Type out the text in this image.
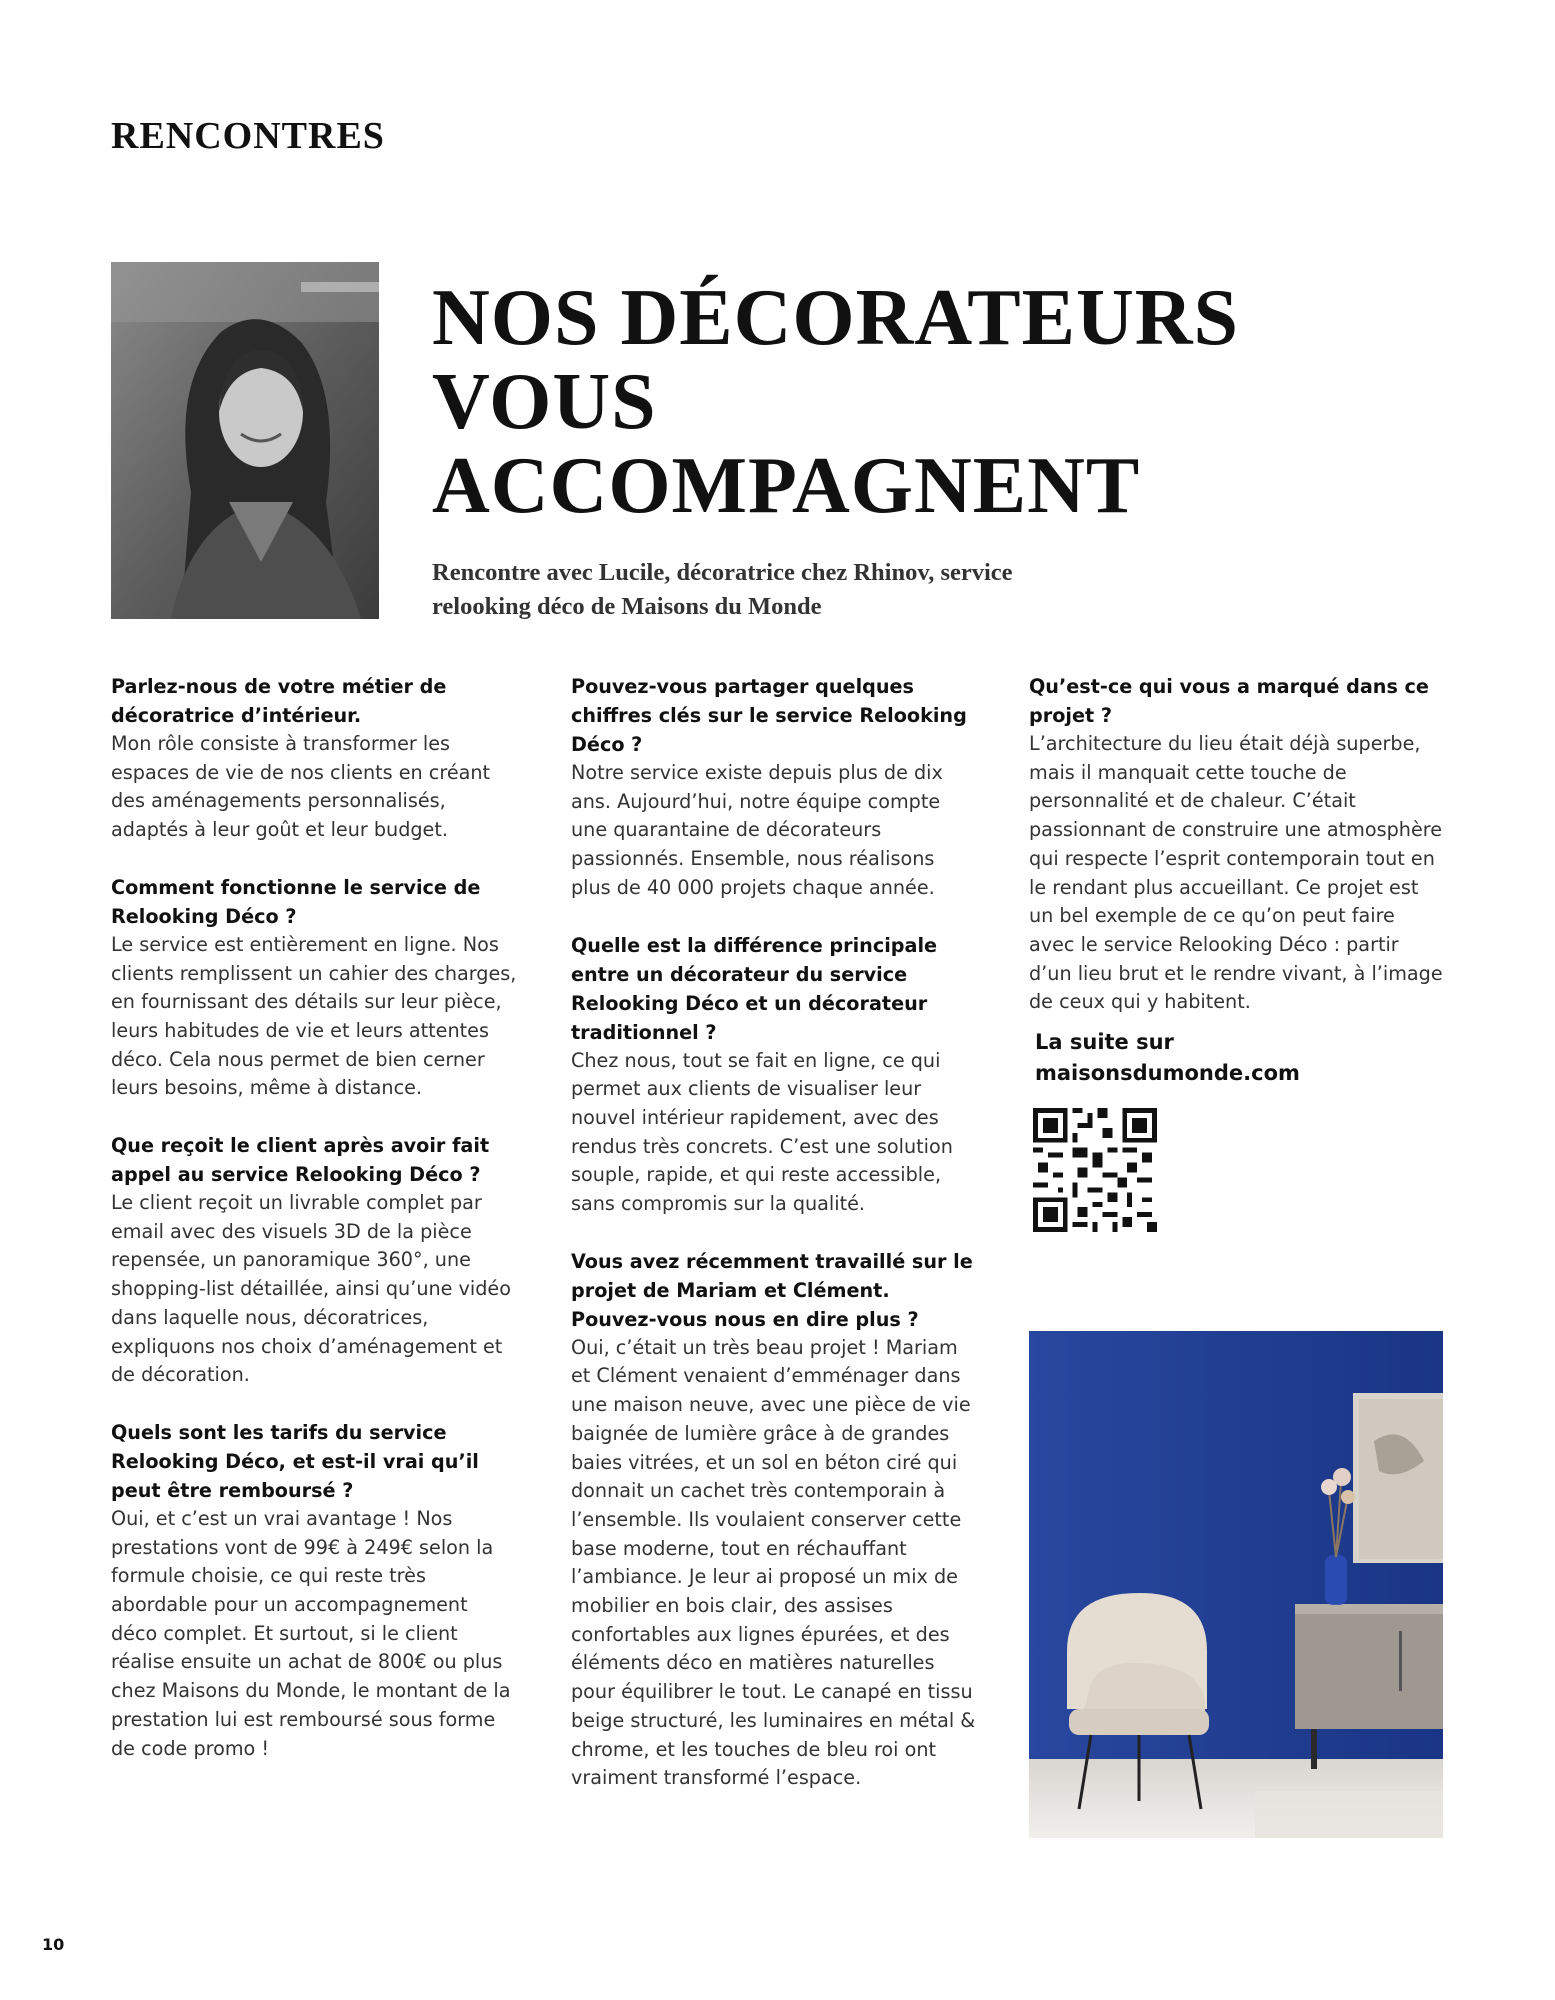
RENCONTRES
NOS DÉCORATEURS VOUS ACCOMPAGNENT

Rencontre avec Lucile, décoratrice chez Rhinov, service relooking déco de Maisons du Monde

Parlez-nous de votre métier de décoratrice d’intérieur.

Mon rôle consiste à transformer les espaces de vie de nos clients en créant des aménagements personnalisés, adaptés à leur goût et leur budget.

Comment fonctionne le service de Relooking Déco ?

Le service est entièrement en ligne. Nos clients remplissent un cahier des charges, en fournissant des détails sur leur pièce, leurs habitudes de vie et leurs attentes déco. Cela nous permet de bien cerner leurs besoins, même à distance.

Que reçoit le client après avoir fait appel au service Relooking Déco ?

Le client reçoit un livrable complet par email avec des visuels 3D de la pièce repensée, un panoramique 360°, une shopping-list détaillée, ainsi qu’une vidéo dans laquelle nous, décoratrices, expliquons nos choix d’aménagement et de décoration.

Quels sont les tarifs du service Relooking Déco, et est-il vrai qu’il peut être remboursé ?

Oui, et c’est un vrai avantage ! Nos prestations vont de 99€ à 249€ selon la formule choisie, ce qui reste très abordable pour un accompagnement déco complet. Et surtout, si le client réalise ensuite un achat de 800€ ou plus chez Maisons du Monde, le montant de la prestation lui est remboursé sous forme de code promo !

Pouvez-vous partager quelques chiffres clés sur le service Relooking Déco ?

Notre service existe depuis plus de dix ans. Aujourd’hui, notre équipe compte une quarantaine de décorateurs passionnés. Ensemble, nous réalisons plus de 40 000 projets chaque année.

Quelle est la différence principale entre un décorateur du service Relooking Déco et un décorateur traditionnel ?

Chez nous, tout se fait en ligne, ce qui permet aux clients de visualiser leur nouvel intérieur rapidement, avec des rendus très concrets. C’est une solution souple, rapide, et qui reste accessible, sans compromis sur la qualité.

Vous avez récemment travaillé sur le projet de Mariam et Clément. Pouvez-vous nous en dire plus ?

Oui, c’était un très beau projet ! Mariam et Clément venaient d’emménager dans une maison neuve, avec une pièce de vie baignée de lumière grâce à de grandes baies vitrées, et un sol en béton ciré qui donnait un cachet très contemporain à l’ensemble. Ils voulaient conserver cette base moderne, tout en réchauffant l’ambiance. Je leur ai proposé un mix de mobilier en bois clair, des assises confortables aux lignes épurées, et des éléments déco en matières naturelles pour équilibrer le tout. Le canapé en tissu beige structuré, les luminaires en métal & chrome, et les touches de bleu roi ont vraiment transformé l’espace.

Qu’est-ce qui vous a marqué dans ce projet ?

L’architecture du lieu était déjà superbe, mais il manquait cette touche de personnalité et de chaleur. C’était passionnant de construire une atmosphère qui respecte l’esprit contemporain tout en le rendant plus accueillant. Ce projet est un bel exemple de ce qu’on peut faire avec le service Relooking Déco : partir d’un lieu brut et le rendre vivant, à l’image de ceux qui y habitent.

La suite sur maisonsdumonde.com

10
